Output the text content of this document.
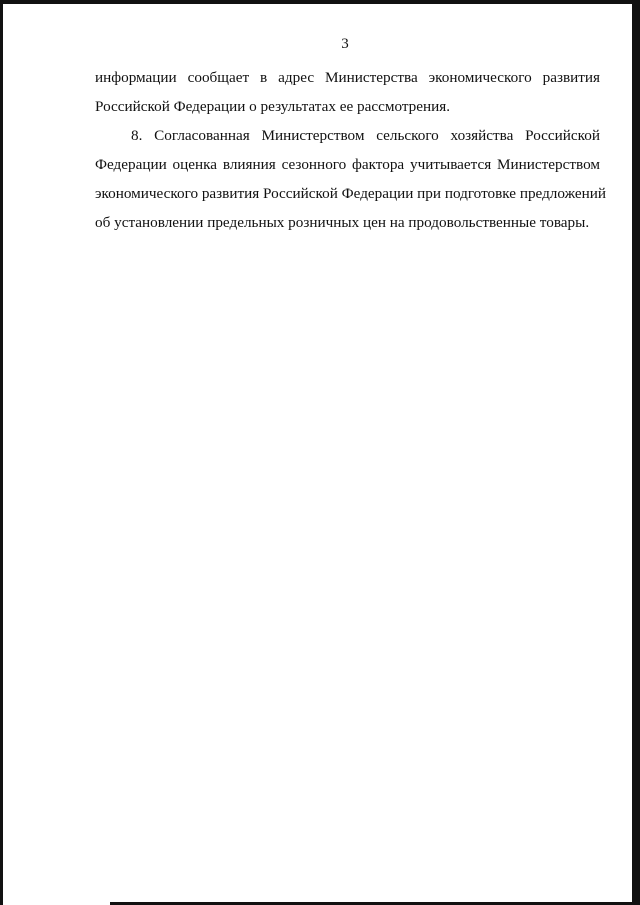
3
информации сообщает в адрес Министерства экономического развития
Российской Федерации о результатах ее рассмотрения.
8. Согласованная Министерством сельского хозяйства Российской
Федерации оценка влияния сезонного фактора учитывается Министерством
экономического развития Российской Федерации при подготовке предложений
об установлении предельных розничных цен на продовольственные товары.
